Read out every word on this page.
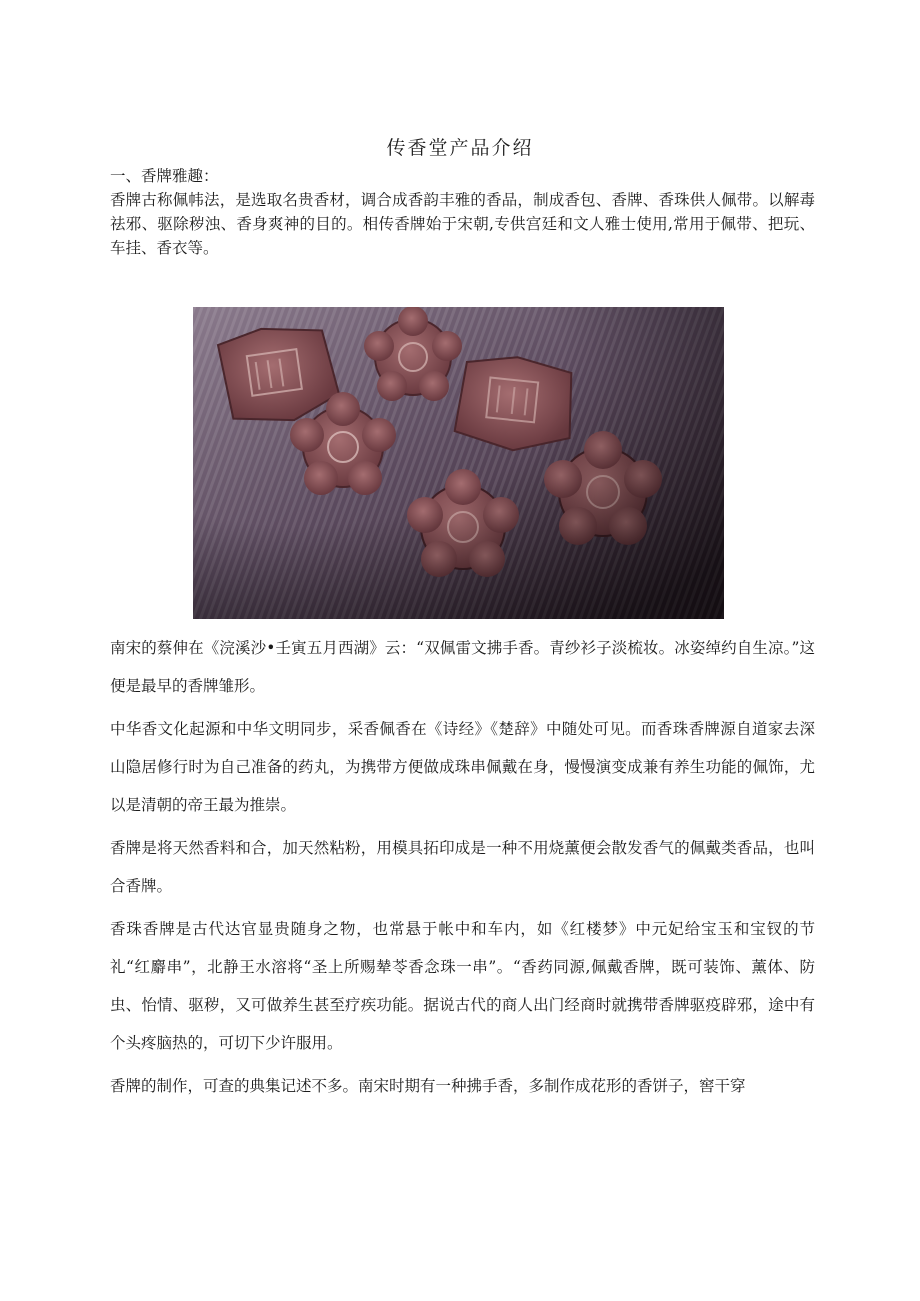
传香堂产品介绍

一、香牌雅趣：

香牌古称佩帏法，是选取名贵香材，调合成香韵丰雅的香品，制成香包、香牌、香珠供人佩带。以解毒祛邪、驱除秽浊、香身爽神的目的。相传香牌始于宋朝,专供宫廷和文人雅士使用,常用于佩带、把玩、车挂、香衣等。

南宋的蔡伸在《浣溪沙•壬寅五月西湖》云：“双佩雷文拂手香。青纱衫子淡梳妆。冰姿绰约自生凉。”这便是最早的香牌雏形。

中华香文化起源和中华文明同步，采香佩香在《诗经》《楚辞》中随处可见。而香珠香牌源自道家去深山隐居修行时为自己准备的药丸，为携带方便做成珠串佩戴在身，慢慢演变成兼有养生功能的佩饰，尤以是清朝的帝王最为推崇。

香牌是将天然香料和合，加天然粘粉，用模具拓印成是一种不用烧薰便会散发香气的佩戴类香品，也叫合香牌。

香珠香牌是古代达官显贵随身之物，也常悬于帐中和车内，如《红楼梦》中元妃给宝玉和宝钗的节礼“红麝串”，北静王水溶将“圣上所赐辇苓香念珠一串”。“香药同源,佩戴香牌，既可装饰、薰体、防虫、怡情、驱秽，又可做养生甚至疗疾功能。据说古代的商人出门经商时就携带香牌驱疫辟邪，途中有个头疼脑热的，可切下少许服用。

香牌的制作，可查的典集记述不多。南宋时期有一种拂手香，多制作成花形的香饼子，窖干穿
